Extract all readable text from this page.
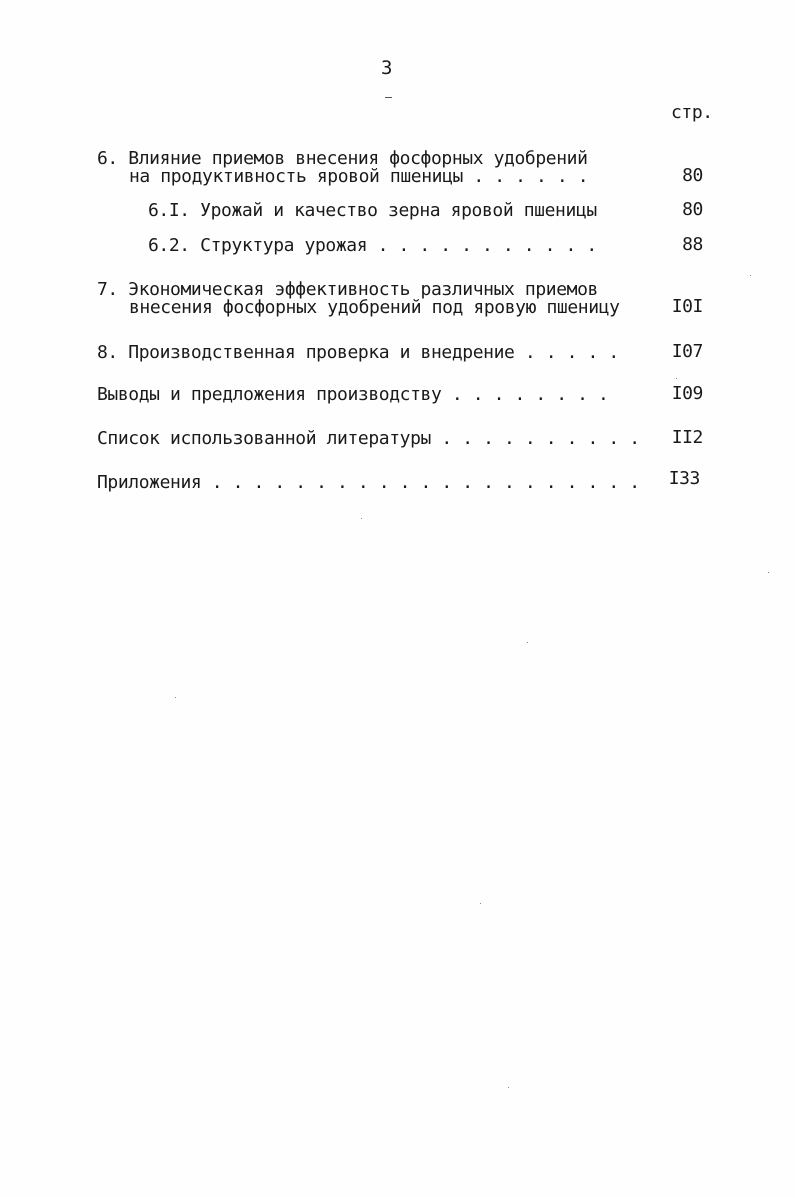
3
стр.
6. Влияние приемов внесения фосфорных удобрений
на продуктивность яровой пшеницы . . . . . .	80
6.I. Урожай и качество зерна яровой пшеницы	80
6.2. Структура урожая . . . . . . . . . . .	88
7. Экономическая эффективность различных приемов
внесения фосфорных удобрений под яровую пшеницу	I0I
8. Производственная проверка и внедрение . . . . .	I07
Выводы и предложения производству . . . . . . . .	I09
Список использованной литературы . . . . . . . . . .	II2
Приложения . . . . . . . . . . . . . . . . . . . . .	I33
